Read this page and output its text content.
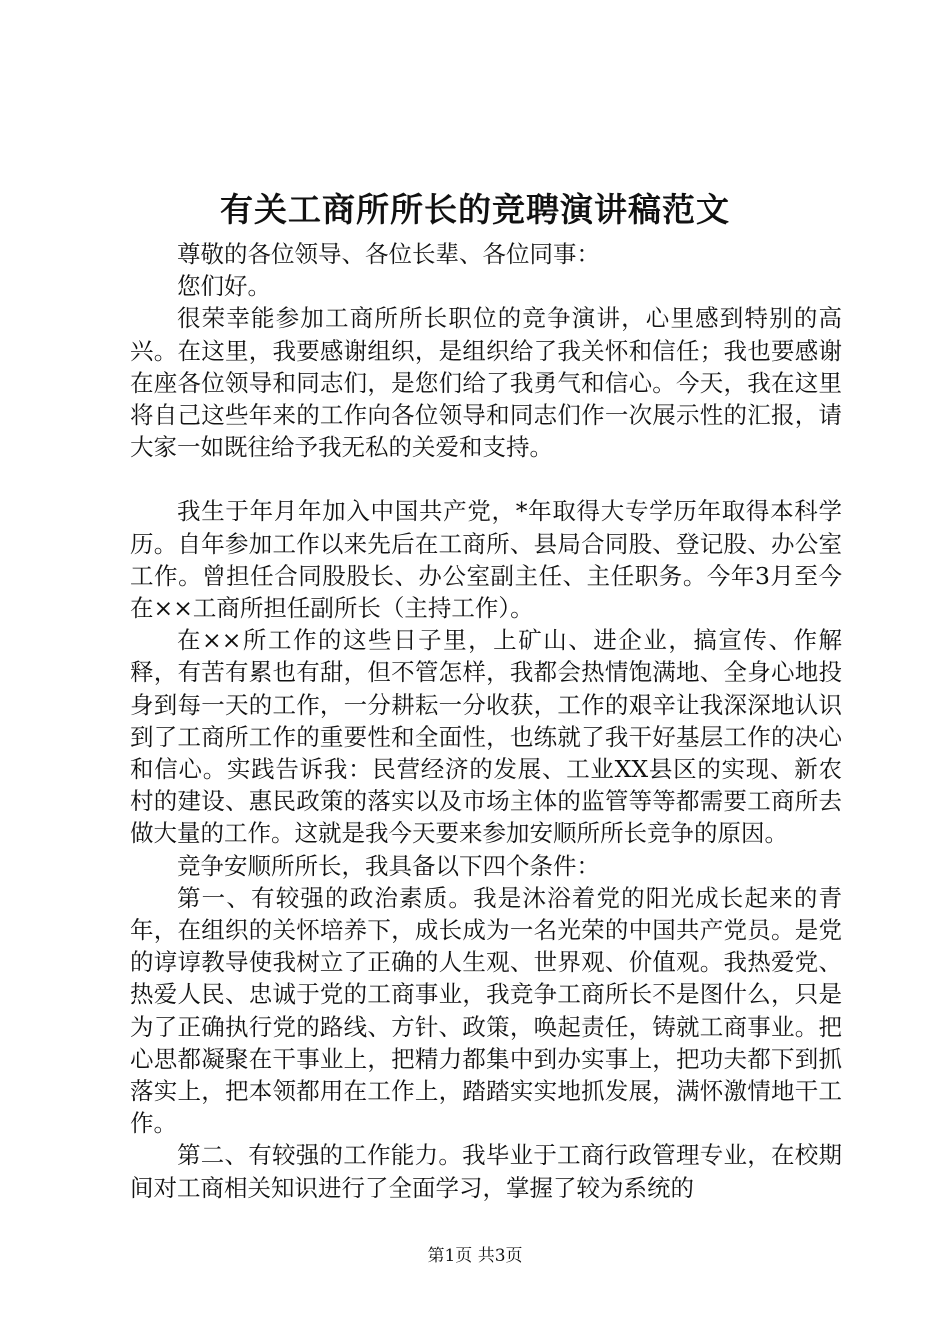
有关工商所所长的竞聘演讲稿范文

尊敬的各位领导、各位长辈、各位同事：

您们好。

很荣幸能参加工商所所长职位的竞争演讲，心里感到特别的高兴。在这里，我要感谢组织，是组织给了我关怀和信任；我也要感谢在座各位领导和同志们，是您们给了我勇气和信心。今天，我在这里将自己这些年来的工作向各位领导和同志们作一次展示性的汇报，请大家一如既往给予我无私的关爱和支持。

我生于年月年加入中国共产党，*年取得大专学历年取得本科学历。自年参加工作以来先后在工商所、县局合同股、登记股、办公室工作。曾担任合同股股长、办公室副主任、主任职务。今年3月至今在××工商所担任副所长（主持工作）。

在××所工作的这些日子里，上矿山、进企业，搞宣传、作解释，有苦有累也有甜，但不管怎样，我都会热情饱满地、全身心地投身到每一天的工作，一分耕耘一分收获，工作的艰辛让我深深地认识到了工商所工作的重要性和全面性，也练就了我干好基层工作的决心和信心。实践告诉我：民营经济的发展、工业XX县区的实现、新农村的建设、惠民政策的落实以及市场主体的监管等等都需要工商所去做大量的工作。这就是我今天要来参加安顺所所长竞争的原因。

竞争安顺所所长，我具备以下四个条件：

第一、有较强的政治素质。我是沐浴着党的阳光成长起来的青年，在组织的关怀培养下，成长成为一名光荣的中国共产党员。是党的谆谆教导使我树立了正确的人生观、世界观、价值观。我热爱党、热爱人民、忠诚于党的工商事业，我竞争工商所长不是图什么，只是为了正确执行党的路线、方针、政策，唤起责任，铸就工商事业。把心思都凝聚在干事业上，把精力都集中到办实事上，把功夫都下到抓落实上，把本领都用在工作上，踏踏实实地抓发展，满怀激情地干工作。

第二、有较强的工作能力。我毕业于工商行政管理专业，在校期间对工商相关知识进行了全面学习，掌握了较为系统的

第1页 共3页
